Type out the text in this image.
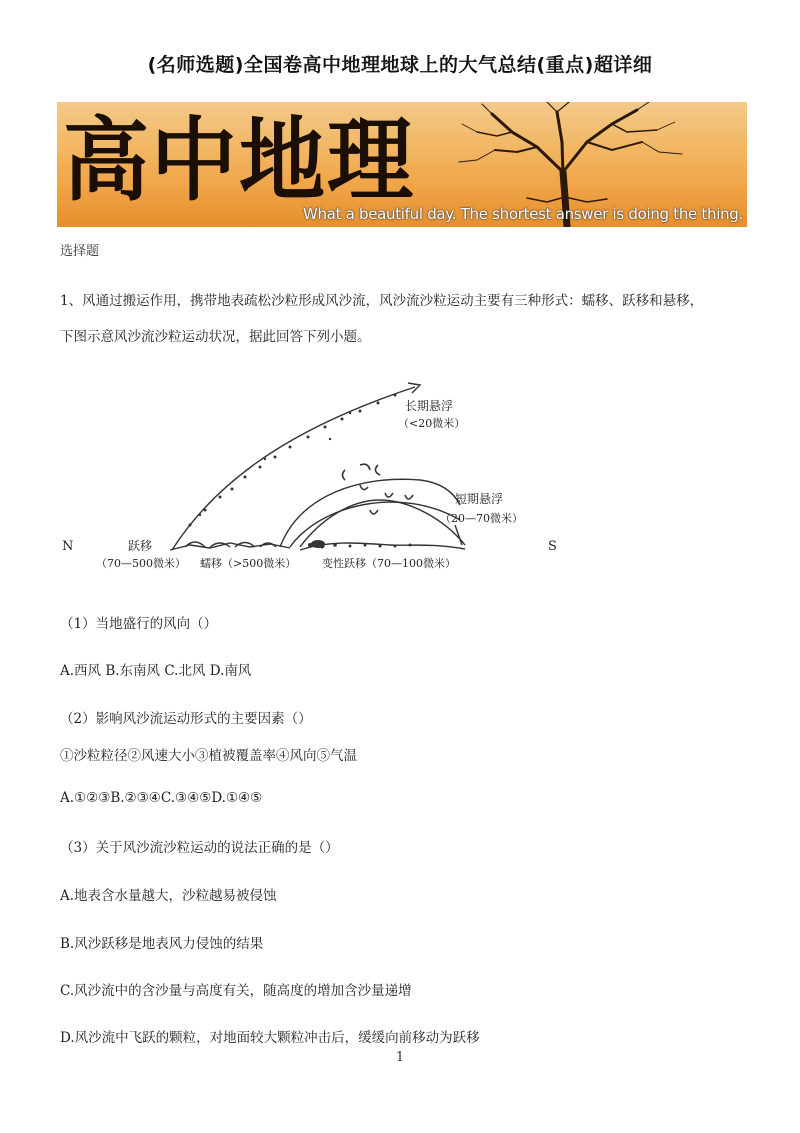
(名师选题)全国卷高中地理地球上的大气总结(重点)超详细
高中地理
What a beautiful day. The shortest answer is doing the thing.
选择题
1、风通过搬运作用，携带地表疏松沙粒形成风沙流，风沙流沙粒运动主要有三种形式：蠕移、跃移和悬移，
下图示意风沙流沙粒运动状况，据此回答下列小题。
N	S
长期悬浮
（<20微米）
短期悬浮
（20—70微米）
跃移
（70—500微米） 蠕移（>500微米） 变性跃移（70—100微米）
（1）当地盛行的风向（）
A.西风 B.东南风 C.北风 D.南风
（2）影响风沙流运动形式的主要因素（）
①沙粒粒径②风速大小③植被覆盖率④风向⑤气温
A.①②③B.②③④C.③④⑤D.①④⑤
（3）关于风沙流沙粒运动的说法正确的是（）
A.地表含水量越大，沙粒越易被侵蚀
B.风沙跃移是地表风力侵蚀的结果
C.风沙流中的含沙量与高度有关，随高度的增加含沙量递增
D.风沙流中飞跃的颗粒，对地面较大颗粒冲击后，缓缓向前移动为跃移
1
